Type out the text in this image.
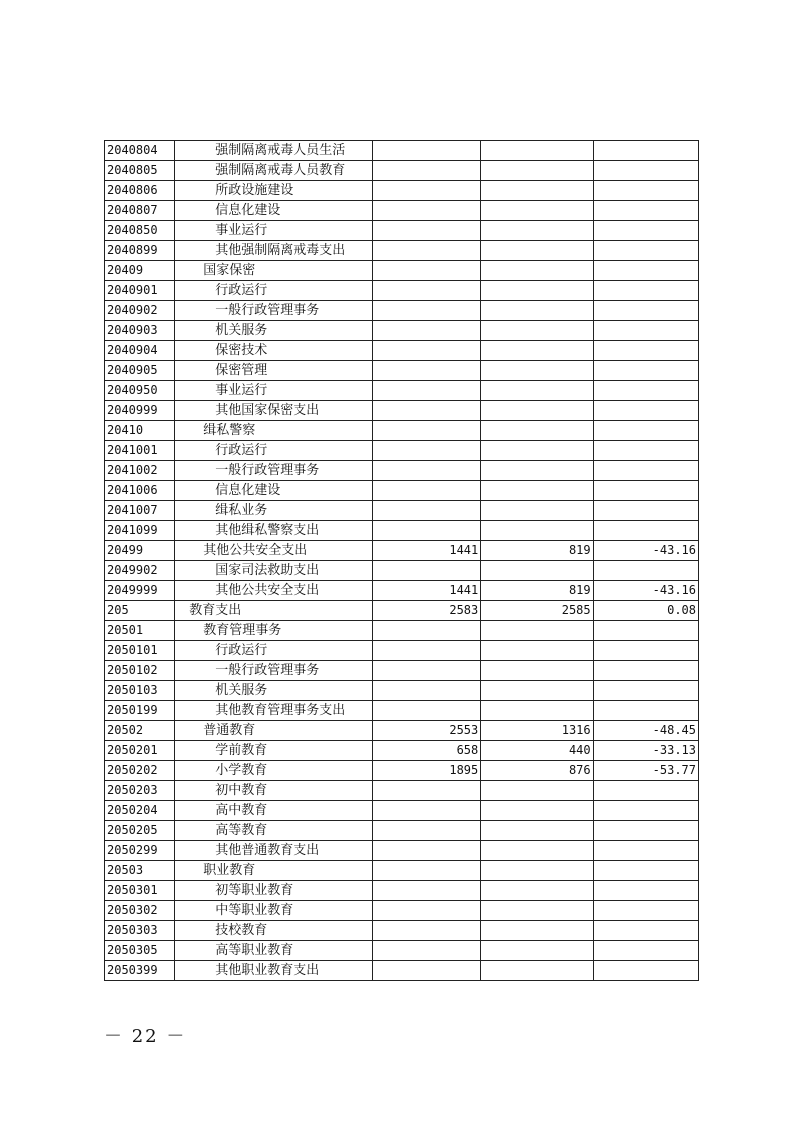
2040804	强制隔离戒毒人员生活			
2040805	强制隔离戒毒人员教育			
2040806	所政设施建设			
2040807	信息化建设			
2040850	事业运行			
2040899	其他强制隔离戒毒支出			
20409	国家保密			
2040901	行政运行			
2040902	一般行政管理事务			
2040903	机关服务			
2040904	保密技术			
2040905	保密管理			
2040950	事业运行			
2040999	其他国家保密支出			
20410	缉私警察			
2041001	行政运行			
2041002	一般行政管理事务			
2041006	信息化建设			
2041007	缉私业务			
2041099	其他缉私警察支出			
20499	其他公共安全支出	1441	819	-43.16
2049902	国家司法救助支出			
2049999	其他公共安全支出	1441	819	-43.16
205	教育支出	2583	2585	0.08
20501	教育管理事务			
2050101	行政运行			
2050102	一般行政管理事务			
2050103	机关服务			
2050199	其他教育管理事务支出			
20502	普通教育	2553	1316	-48.45
2050201	学前教育	658	440	-33.13
2050202	小学教育	1895	876	-53.77
2050203	初中教育			
2050204	高中教育			
2050205	高等教育			
2050299	其他普通教育支出			
20503	职业教育			
2050301	初等职业教育			
2050302	中等职业教育			
2050303	技校教育			
2050305	高等职业教育			
2050399	其他职业教育支出			
－ 22 －
